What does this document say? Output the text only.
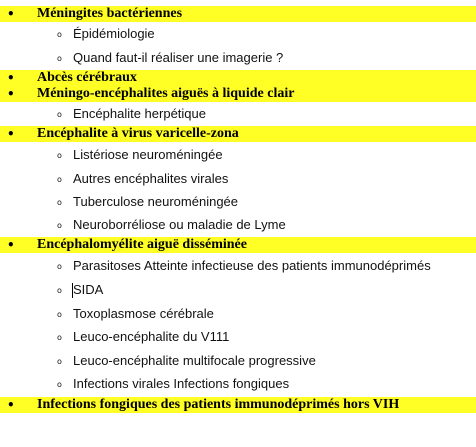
• Méningites bactériennes
o Épidémiologie
o Quand faut-il réaliser une imagerie ?
• Abcès cérébraux
• Méningo-encéphalites aiguës à liquide clair
o Encéphalite herpétique
• Encéphalite à virus varicelle-zona
o Listériose neuroméningée
o Autres encéphalites virales
o Tuberculose neuroméningée
o Neuroborréliose ou maladie de Lyme
• Encéphalomyélite aiguë disséminée
o Parasitoses Atteinte infectieuse des patients immunodéprimés
o SIDA
o Toxoplasmose cérébrale
o Leuco-encéphalite du V111
o Leuco-encéphalite multifocale progressive
o Infections virales Infections fongiques
• Infections fongiques des patients immunodéprimés hors VIH
